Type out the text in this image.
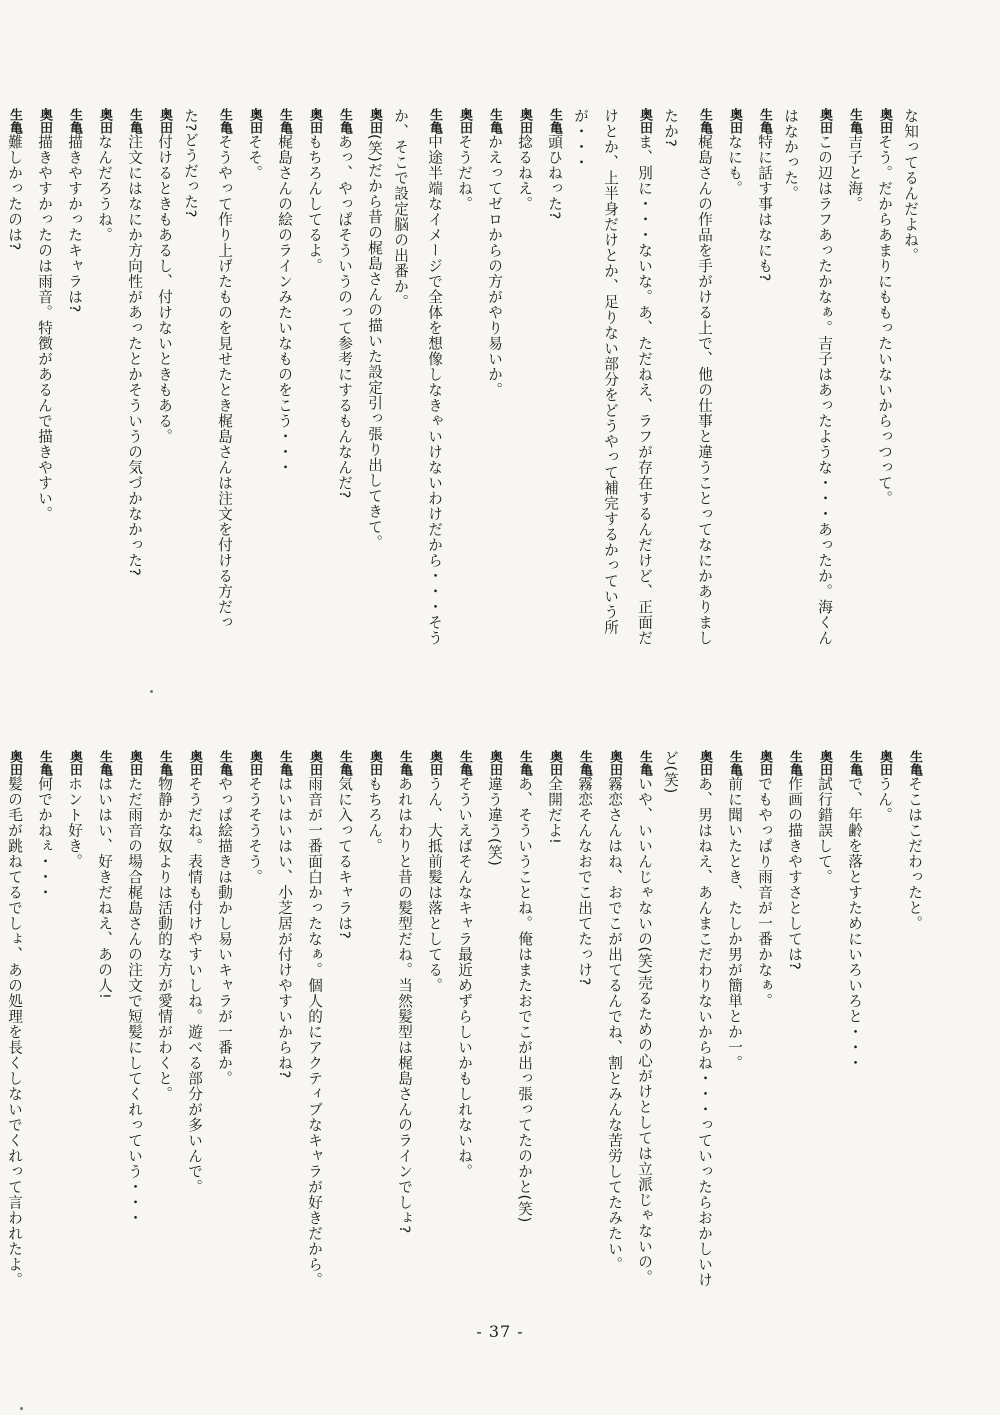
な知ってるんだよね。
奥田そう。だからあまりにももったいないからっつって。
生亀吉子と海。
奥田この辺はラフあったかなぁ。吉子はあったような・・・あったか。海くん
はなかった。
生亀特に話す事はなにも?
奥田なにも。
生亀梶島さんの作品を手がける上で、他の仕事と違うことってなにかありまし
たか?
奥田ま、別に・・・ないな。あ、ただねえ、ラフが存在するんだけど、正面だ
けとか、上半身だけとか、足りない部分をどうやって補完するかっていう所
が・・・
生亀頭ひねった?
奥田捻るねえ。
生亀かえってゼロからの方がやり易いか。
奥田そうだね。
生亀中途半端なイメージで全体を想像しなきゃいけないわけだから・・・そう
か、そこで設定脳の出番か。
奥田(笑)だから昔の梶島さんの描いた設定引っ張り出してきて。
生亀あっ、やっぱそういうのって参考にするもんなんだ?
奥田もちろんしてるよ。
生亀梶島さんの絵のラインみたいなものをこう・・・
奥田そそ。
生亀そうやって作り上げたものを見せたとき梶島さんは注文を付ける方だっ
た?どうだった?
奥田付けるときもあるし、付けないときもある。
生亀注文にはなにか方向性があったとかそういうの気づかなかった?
奥田なんだろうね。
生亀描きやすかったキャラは?
奥田描きやすかったのは雨音。特徴があるんで描きやすい。
生亀難しかったのは?
生亀そこはこだわったと。
奥田うん。
生亀で、年齢を落とすためにいろいろと・・・
奥田試行錯誤して。
生亀作画の描きやすさとしては?
奥田でもやっぱり雨音が一番かなぁ。
生亀前に聞いたとき、たしか男が簡単とか一。
奥田あ、男はねえ、あんまこだわりないからね・・・っていったらおかしいけ
ど(笑)
生亀いや、いいんじゃないの(笑)売るための心がけとしては立派じゃないの。
奥田霧恋さんはね、おでこが出てるんでね、割とみんな苦労してたみたい。
生亀霧恋そんなおでこ出てたっけ?
奥田全開だよ!
生亀あ、そういうことね。俺はまたおでこが出っ張ってたのかと(笑)
奥田違う違う(笑)
生亀そういえばそんなキャラ最近めずらしいかもしれないね。
奥田うん、大抵前髪は落としてる。
生亀あれはわりと昔の髪型だね。当然髪型は梶島さんのラインでしょ?
奥田もちろん。
生亀気に入ってるキャラは?
奥田雨音が一番面白かったなぁ。個人的にアクティブなキャラが好きだから。
生亀はいはいはい、小芝居が付けやすいからね?
奥田そうそうそう。
生亀やっぱ絵描きは動かし易いキャラが一番か。
奥田そうだね。表情も付けやすいしね。遊べる部分が多いんで。
生亀物静かな奴よりは活動的な方が愛情がわくと。
奥田ただ雨音の場合梶島さんの注文で短髪にしてくれっていう・・・
生亀はいはい、好きだねえ、あの人!
奥田ホント好き。
生亀何でかねぇ・・・
奥田髪の毛が跳ねてるでしょ、あの処理を長くしないでくれって言われたよ。
- 37 -
